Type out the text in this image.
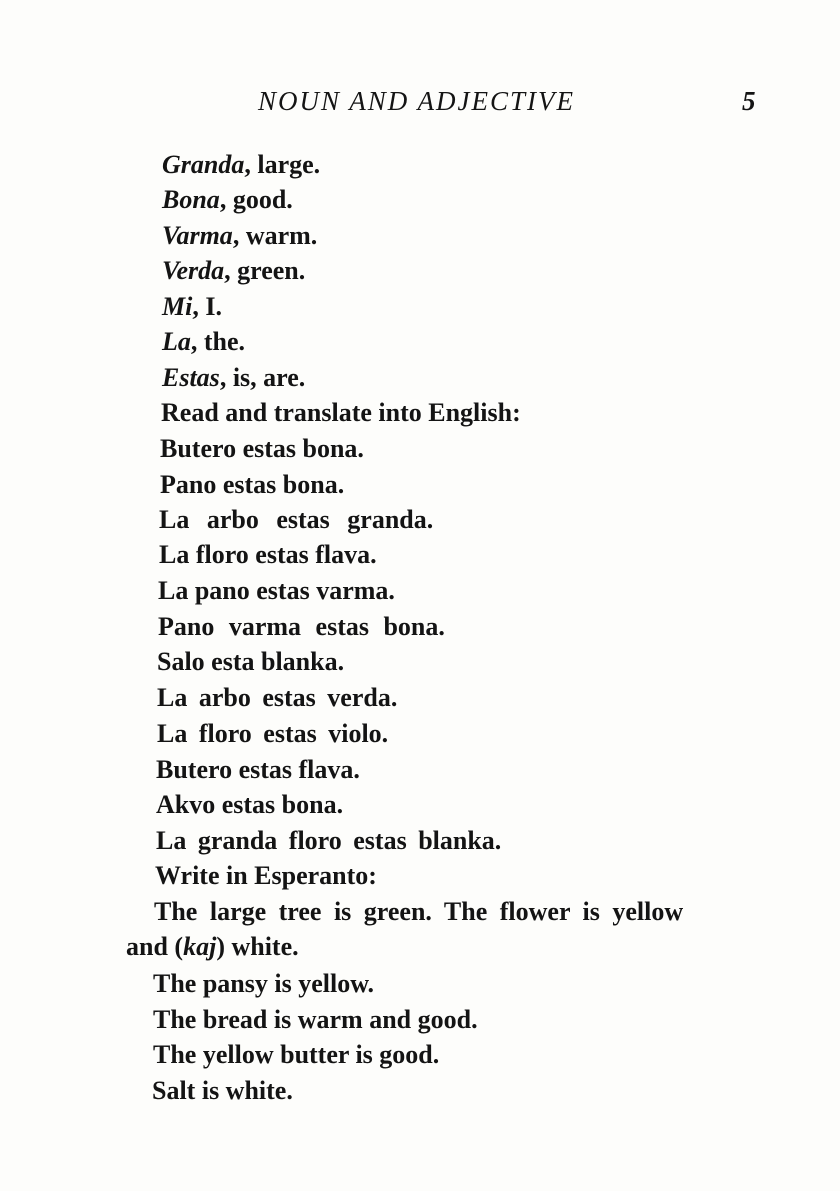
NOUN AND ADJECTIVE	5
Granda, large.
Bona, good.
Varma, warm.
Verda, green.
Mi, I.
La, the.
Estas, is, are.
Read and translate into English:
Butero estas bona.
Pano estas bona.
La arbo estas granda.
La floro estas flava.
La pano estas varma.
Pano varma estas bona.
Salo esta blanka.
La arbo estas verda.
La floro estas violo.
Butero estas flava.
Akvo estas bona.
La granda floro estas blanka.
Write in Esperanto:
The large tree is green. The flower is yellow
and (kaj) white.
The pansy is yellow.
The bread is warm and good.
The yellow butter is good.
Salt is white.
